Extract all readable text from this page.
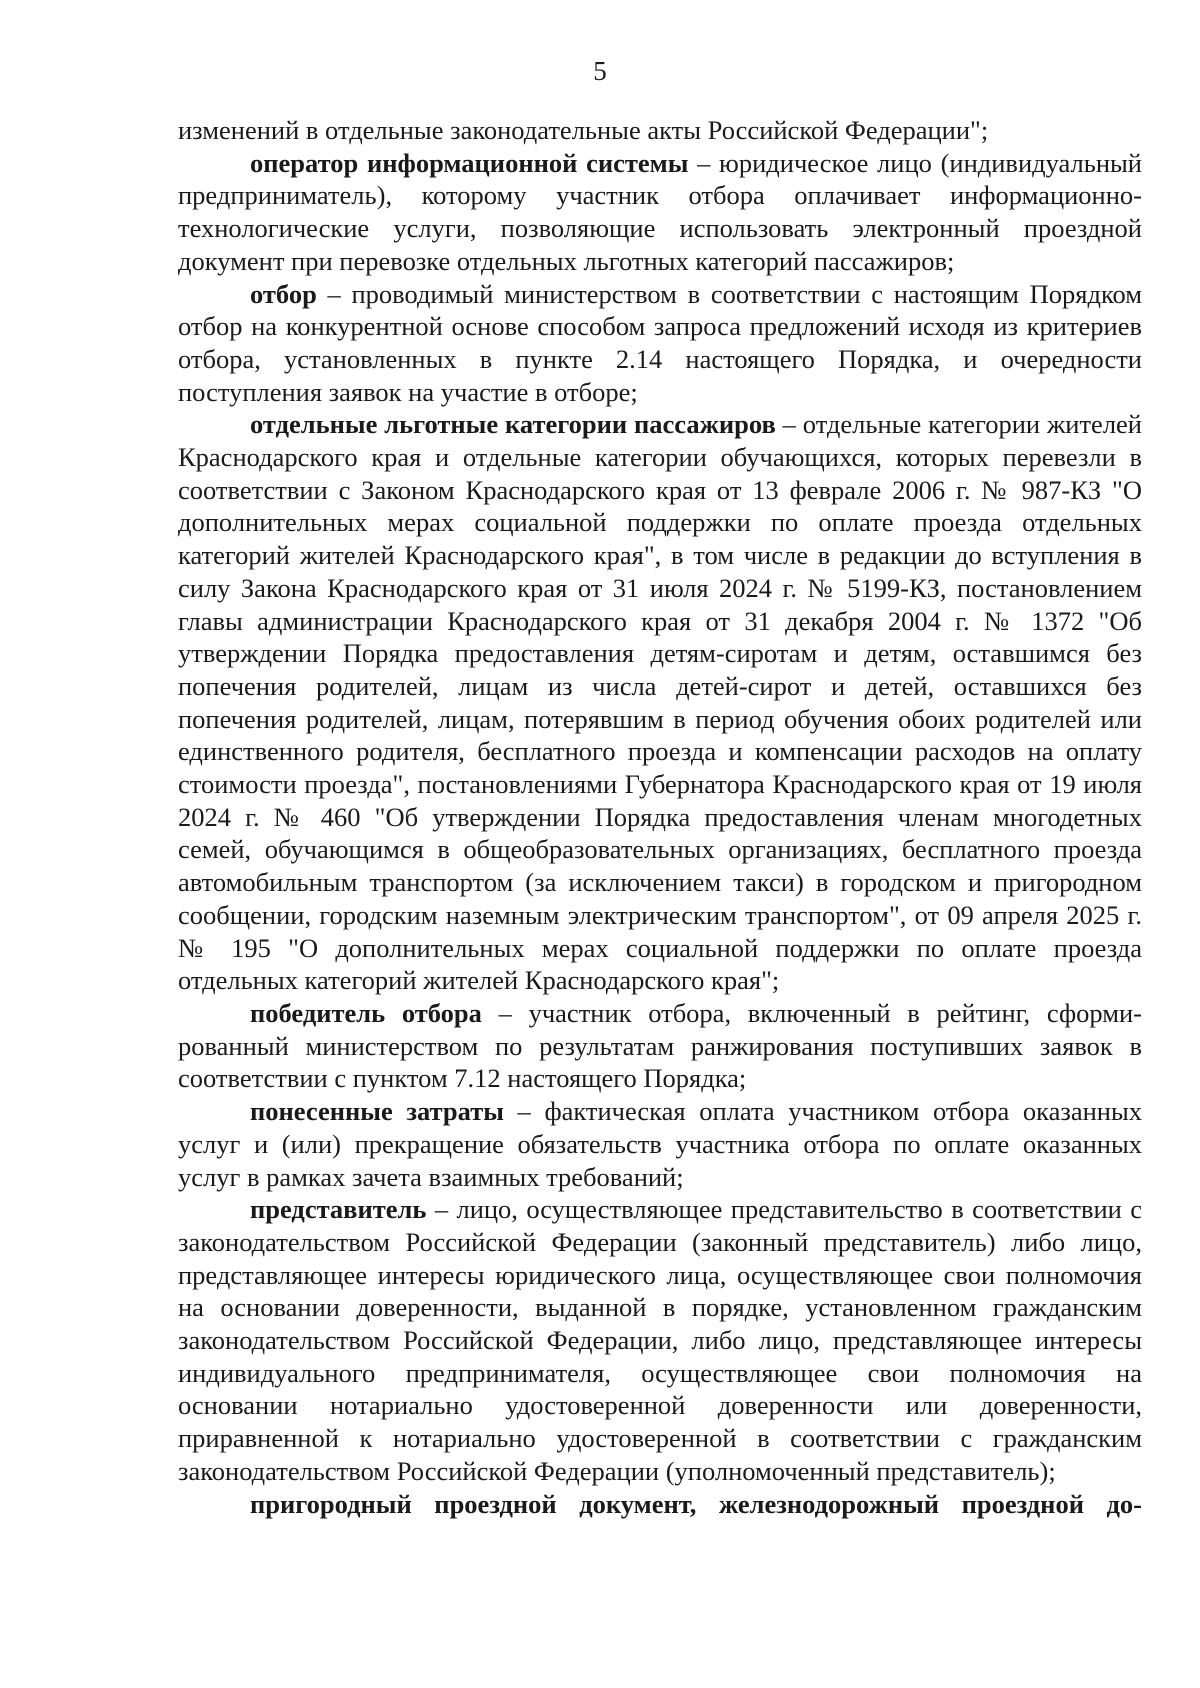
5

изменений в отдельные законодательные акты Российской Федерации";

оператор информационной системы – юридическое лицо (индивидуальный предприниматель), которому участник отбора оплачивает информационно-технологические услуги, позволяющие использовать электронный проездной документ при перевозке отдельных льготных категорий пассажиров;

отбор – проводимый министерством в соответствии с настоящим Порядком отбор на конкурентной основе способом запроса предложений исходя из критериев отбора, установленных в пункте 2.14 настоящего Порядка, и очередности поступления заявок на участие в отборе;

отдельные льготные категории пассажиров – отдельные категории жителей Краснодарского края и отдельные категории обучающихся, которых перевезли в соответствии с Законом Краснодарского края от 13 феврале 2006 г. № 987-КЗ "О дополнительных мерах социальной поддержки по оплате проезда отдельных категорий жителей Краснодарского края", в том числе в редакции до вступления в силу Закона Краснодарского края от 31 июля 2024 г. № 5199-КЗ, постановлением главы администрации Краснодарского края от 31 декабря 2004 г. № 1372 "Об утверждении Порядка предоставления детям-сиротам и детям, оставшимся без попечения родителей, лицам из числа детей-сирот и детей, оставшихся без попечения родителей, лицам, потерявшим в период обучения обоих родителей или единственного родителя, бесплатного проезда и компенсации расходов на оплату стоимости проезда", постановлениями Губернатора Краснодарского края от 19 июля 2024 г. № 460 "Об утверждении Порядка предоставления членам многодетных семей, обучающимся в общеобразовательных организациях, бесплатного проезда автомобильным транспортом (за исключением такси) в городском и пригородном сообщении, городским наземным электрическим транспортом", от 09 апреля 2025 г. № 195 "О дополнительных мерах социальной поддержки по оплате проезда отдельных категорий жителей Краснодарского края";

победитель отбора – участник отбора, включенный в рейтинг, сформированный министерством по результатам ранжирования поступивших заявок в соответствии с пунктом 7.12 настоящего Порядка;

понесенные затраты – фактическая оплата участником отбора оказанных услуг и (или) прекращение обязательств участника отбора по оплате оказанных услуг в рамках зачета взаимных требований;

представитель – лицо, осуществляющее представительство в соответствии с законодательством Российской Федерации (законный представитель) либо лицо, представляющее интересы юридического лица, осуществляющее свои полномочия на основании доверенности, выданной в порядке, установленном гражданским законодательством Российской Федерации, либо лицо, представляющее интересы индивидуального предпринимателя, осуществляющее свои полномочия на основании нотариально удостоверенной доверенности или доверенности, приравненной к нотариально удостоверенной в соответствии с гражданским законодательством Российской Федерации (уполномоченный представитель);

пригородный проездной документ, железнодорожный проездной до-
